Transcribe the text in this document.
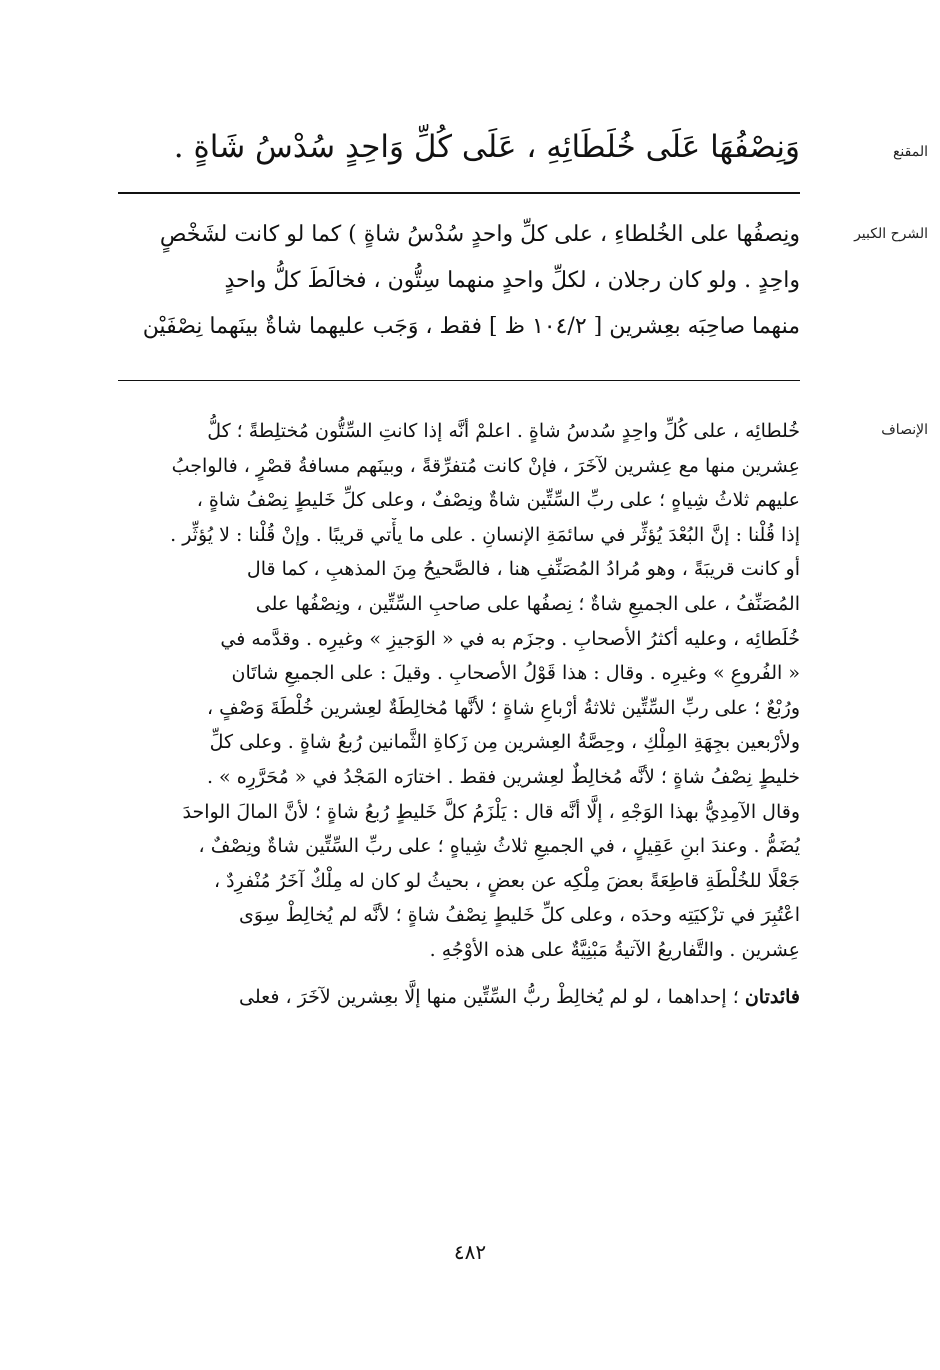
المقنع
وَنِصْفُهَا عَلَى خُلَطَائِهِ ، عَلَى كُلِّ وَاحِدٍ سُدْسُ شَاةٍ .
الشرح الكبير
ونِصفُها على الخُلطاءِ ، على كلِّ واحدٍ سُدْسُ شاةٍ ) كما لو كانت لشَخْصٍ
واحِدٍ . ولو كان رجلان ، لكلِّ واحدٍ منهما سِتُّون ، فخالَطَ كلُّ واحدٍ
منهما صاحِبَه بعِشرين [ ١٠٤/٢ ظ ] فقط ، وَجَب عليهما شاةٌ بينَهما نِصْفَيْن
الإنصاف
خُلطائِه ، على كُلِّ واحِدٍ سُدسُ شاةٍ . اعلمْ أنَّه إذا كانتِ السِّتُّون مُختلِطةً ؛ كلُّ
عِشرين منها مع عِشرين لآخَرَ ، فإنْ كانت مُتفرِّقةً ، وبينَهم مسافةُ قصْرٍ ، فالواجبُ
عليهم ثلاثُ شِياهٍ ؛ على ربِّ السِّتِّين شاةٌ ونِصْفٌ ، وعلى كلِّ خَليطٍ نِصْفُ شاةٍ ،
إذا قُلْنا : إنَّ البُعْدَ يُؤثِّر في سائمَةِ الإنسانِ . على ما يأْتي قريبًا . وإنْ قُلْنا : لا يُؤثِّر .
أو كانت قريبَةً ، وهو مُرادُ المُصَنِّفِ هنا ، فالصَّحيحُ مِنَ المذهبِ ، كما قال
المُصَنِّفُ ، على الجميعِ شاةٌ ؛ نِصفُها على صاحبِ السِّتِّين ، ونِصْفُها على
خُلَطائِه ، وعليه أكثرُ الأصحابِ . وجزَم به في « الوَجيزِ » وغيرِه . وقدَّمه في
« الفُروعِ » وغيرِه . وقال : هذا قَوْلُ الأصحابِ . وقيلَ : على الجميعِ شاتَان
ورُبْعٌ ؛ على ربِّ السِّتِّين ثلاثةُ أرْباعِ شاةٍ ؛ لأنَّها مُخالِطَةٌ لعِشرين خُلْطَةَ وَصْفٍ ،
ولأرْبعين بجِهَةِ المِلْكِ ، وحِصَّةُ العِشرين مِن زَكاةِ الثَّمانين رُبعُ شاةٍ . وعلى كلِّ
خليطٍ نِصْفُ شاةٍ ؛ لأنَّه مُخالِطٌ لعِشرين فقط . اختارَه المَجْدُ في « مُحَرَّرِه » .
وقال الآمِدِيُّ بهذا الوَجْهِ ، إلَّا أنَّه قال : يَلْزَمُ كلَّ خَليطٍ رُبعُ شاةٍ ؛ لأنَّ المالَ الواحدَ
يُضَمُّ . وعندَ ابنِ عَقِيلٍ ، في الجميعِ ثلاثُ شِياهٍ ؛ على ربِّ السِّتِّين شاةٌ ونِصْفٌ ،
جَعْلًا للخُلْطَةِ قاطِعَةً بعضَ مِلْكِه عن بعضٍ ، بحيثُ لو كان له مِلْكٌ آخَرُ مُنْفرِدٌ ،
اعْتُبِرَ في تزْكيَتِه وحدَه ، وعلى كلِّ خَليطٍ نِصْفُ شاةٍ ؛ لأنَّه لم يُخالِطْ سِوَى
عِشرين . والتَّفاريعُ الآتيةُ مَبْنِيَّةٌ على هذه الأوْجُهِ .
فائدتان ؛ إحداهما ، لو لم يُخالِطْ ربُّ السِّتِّين منها إلَّا بعِشرين لآخَرَ ، فعلى
٤٨٢
